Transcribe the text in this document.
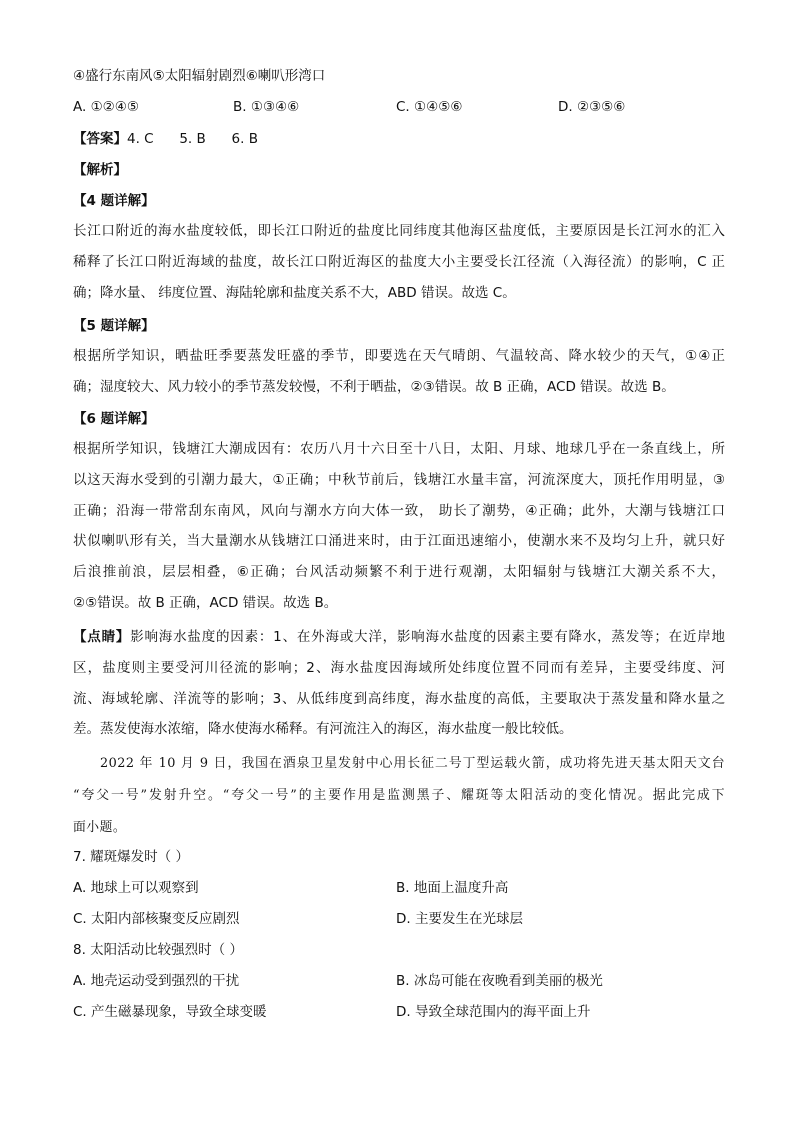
④盛行东南风⑤太阳辐射剧烈⑥喇叭形湾口
A. ①②④⑤	B. ①③④⑥	C. ①④⑤⑥	D. ②③⑤⑥
【答案】4. C      5. B      6. B
【解析】
【4 题详解】
长江口附近的海水盐度较低，即长江口附近的盐度比同纬度其他海区盐度低，主要原因是长江河水的汇入
稀释了长江口附近海域的盐度，故长江口附近海区的盐度大小主要受长江径流（入海径流）的影响，C 正
确；降水量、 纬度位置、海陆轮廓和盐度关系不大，ABD 错误。故选 C。
【5 题详解】
根据所学知识，晒盐旺季要蒸发旺盛的季节，即要选在天气晴朗、气温较高、降水较少的天气，①④正
确；湿度较大、风力较小的季节蒸发较慢，不利于晒盐，②③错误。故 B 正确，ACD 错误。故选 B。
【6 题详解】
根据所学知识，钱塘江大潮成因有：农历八月十六日至十八日，太阳、月球、地球几乎在一条直线上，所
以这天海水受到的引潮力最大，①正确；中秋节前后，钱塘江水量丰富，河流深度大，顶托作用明显，③
正确；沿海一带常刮东南风，风向与潮水方向大体一致， 助长了潮势，④正确；此外，大潮与钱塘江口
状似喇叭形有关，当大量潮水从钱塘江口涌进来时，由于江面迅速缩小，使潮水来不及均匀上升，就只好
后浪推前浪，层层相叠，⑥正确；台风活动频繁不利于进行观潮，太阳辐射与钱塘江大潮关系不大，
②⑤错误。故 B 正确，ACD 错误。故选 B。
【点睛】影响海水盐度的因素：1、在外海或大洋，影响海水盐度的因素主要有降水，蒸发等；在近岸地
区，盐度则主要受河川径流的影响；2、海水盐度因海域所处纬度位置不同而有差异，主要受纬度、河
流、海域轮廓、洋流等的影响；3、从低纬度到高纬度，海水盐度的高低，主要取决于蒸发量和降水量之
差。蒸发使海水浓缩，降水使海水稀释。有河流注入的海区，海水盐度一般比较低。
2022 年 10 月 9 日，我国在酒泉卫星发射中心用长征二号丁型运载火箭，成功将先进天基太阳天文台
“夸父一号”发射升空。“夸父一号”的主要作用是监测黑子、耀斑等太阳活动的变化情况。据此完成下
面小题。
7. 耀斑爆发时（ ）
A. 地球上可以观察到	B. 地面上温度升高
C. 太阳内部核聚变反应剧烈	D. 主要发生在光球层
8. 太阳活动比较强烈时（ ）
A. 地壳运动受到强烈的干扰	B. 冰岛可能在夜晚看到美丽的极光
C. 产生磁暴现象，导致全球变暖	D. 导致全球范围内的海平面上升
